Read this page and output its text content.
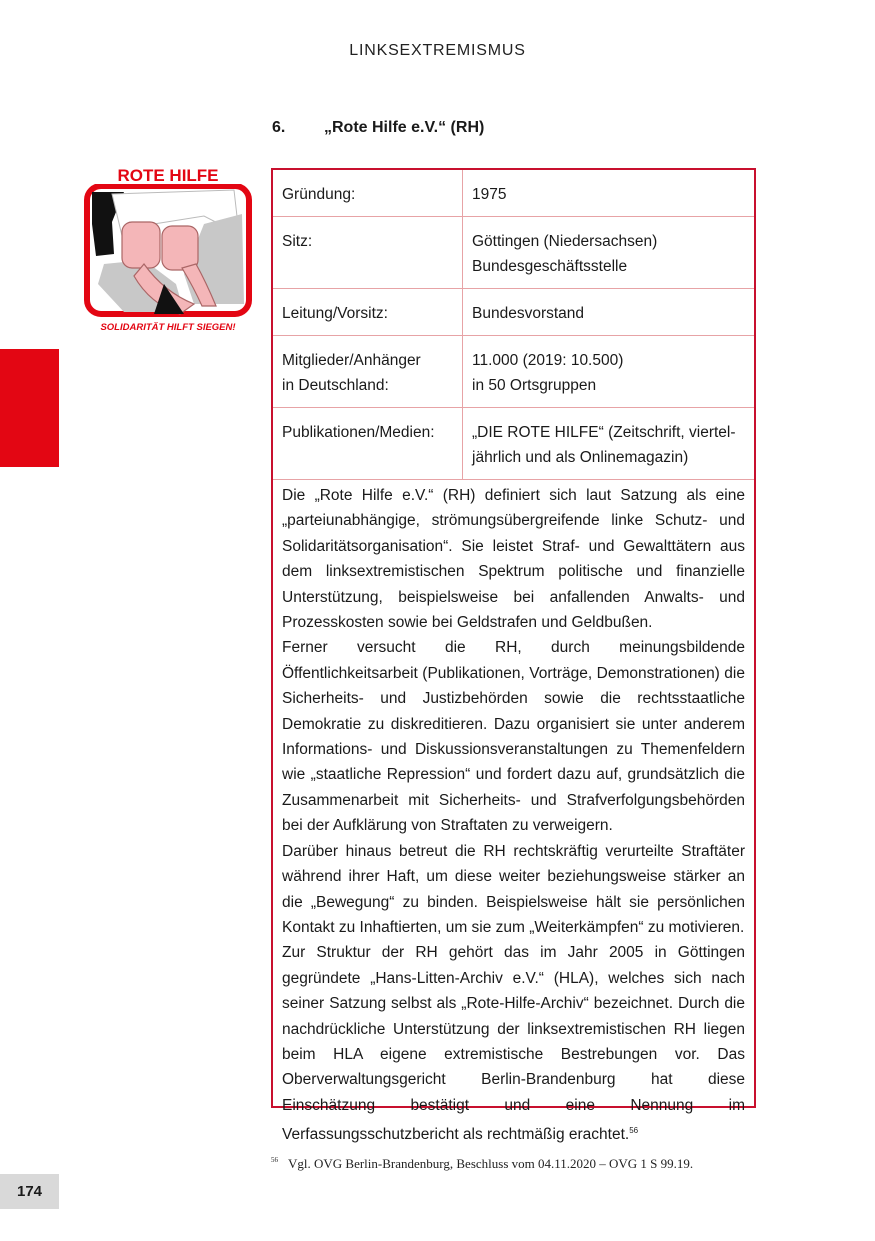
LINKSEXTREMISMUS
6. „Rote Hilfe e.V.“ (RH)
ROTE HILFE
SOLIDARITÄT HILFT SIEGEN!
Gründung:	1975
Sitz:	Göttingen (Niedersachsen)
Bundesgeschäftsstelle

Leitung/Vorsitz:	Bundesvorstand

Mitglieder/Anhänger
in Deutschland:	11.000 (2019: 10.500)
in 50 Ortsgruppen

Publikationen/Medien:	„DIE ROTE HILFE“ (Zeitschrift, viertel-
jährlich und als Onlinemagazin)

Die „Rote Hilfe e.V.“ (RH) definiert sich laut Satzung als eine „parteiunabhängige, strömungsübergreifende linke Schutz- und Solidaritätsorganisation“. Sie leistet Straf- und Gewalttätern aus dem linksextremistischen Spektrum politische und finanzielle Unterstützung, beispielsweise bei anfallenden Anwalts- und Prozesskosten sowie bei Geldstrafen und Geldbußen.

Ferner versucht die RH, durch meinungsbildende Öffentlichkeitsarbeit (Publikationen, Vorträge, Demonstrationen) die Sicherheits- und Justizbehörden sowie die rechtsstaatliche Demokratie zu diskreditieren. Dazu organisiert sie unter anderem Informations- und Diskussionsveranstaltungen zu Themenfeldern wie „staatliche Repression“ und fordert dazu auf, grundsätzlich die Zusammenarbeit mit Sicherheits- und Strafverfolgungsbehörden bei der Aufklärung von Straftaten zu verweigern.

Darüber hinaus betreut die RH rechtskräftig verurteilte Straftäter während ihrer Haft, um diese weiter beziehungsweise stärker an die „Bewegung“ zu binden. Beispielsweise hält sie persönlichen Kontakt zu Inhaftierten, um sie zum „Weiterkämpfen“ zu motivieren.

Zur Struktur der RH gehört das im Jahr 2005 in Göttingen gegründete „Hans-Litten-Archiv e.V.“ (HLA), welches sich nach seiner Satzung selbst als „Rote-Hilfe-Archiv“ bezeichnet. Durch die nachdrückliche Unterstützung der linksextremistischen RH liegen beim HLA eigene extremistische Bestrebungen vor. Das Oberverwaltungsgericht Berlin-Brandenburg hat diese Einschätzung bestätigt und eine Nennung im Verfassungsschutzbericht als rechtmäßig erachtet.$^{56}$

$^{56}$ Vgl. OVG Berlin-Brandenburg, Beschluss vom 04.11.2020 – OVG 1 S 99.19.
174
